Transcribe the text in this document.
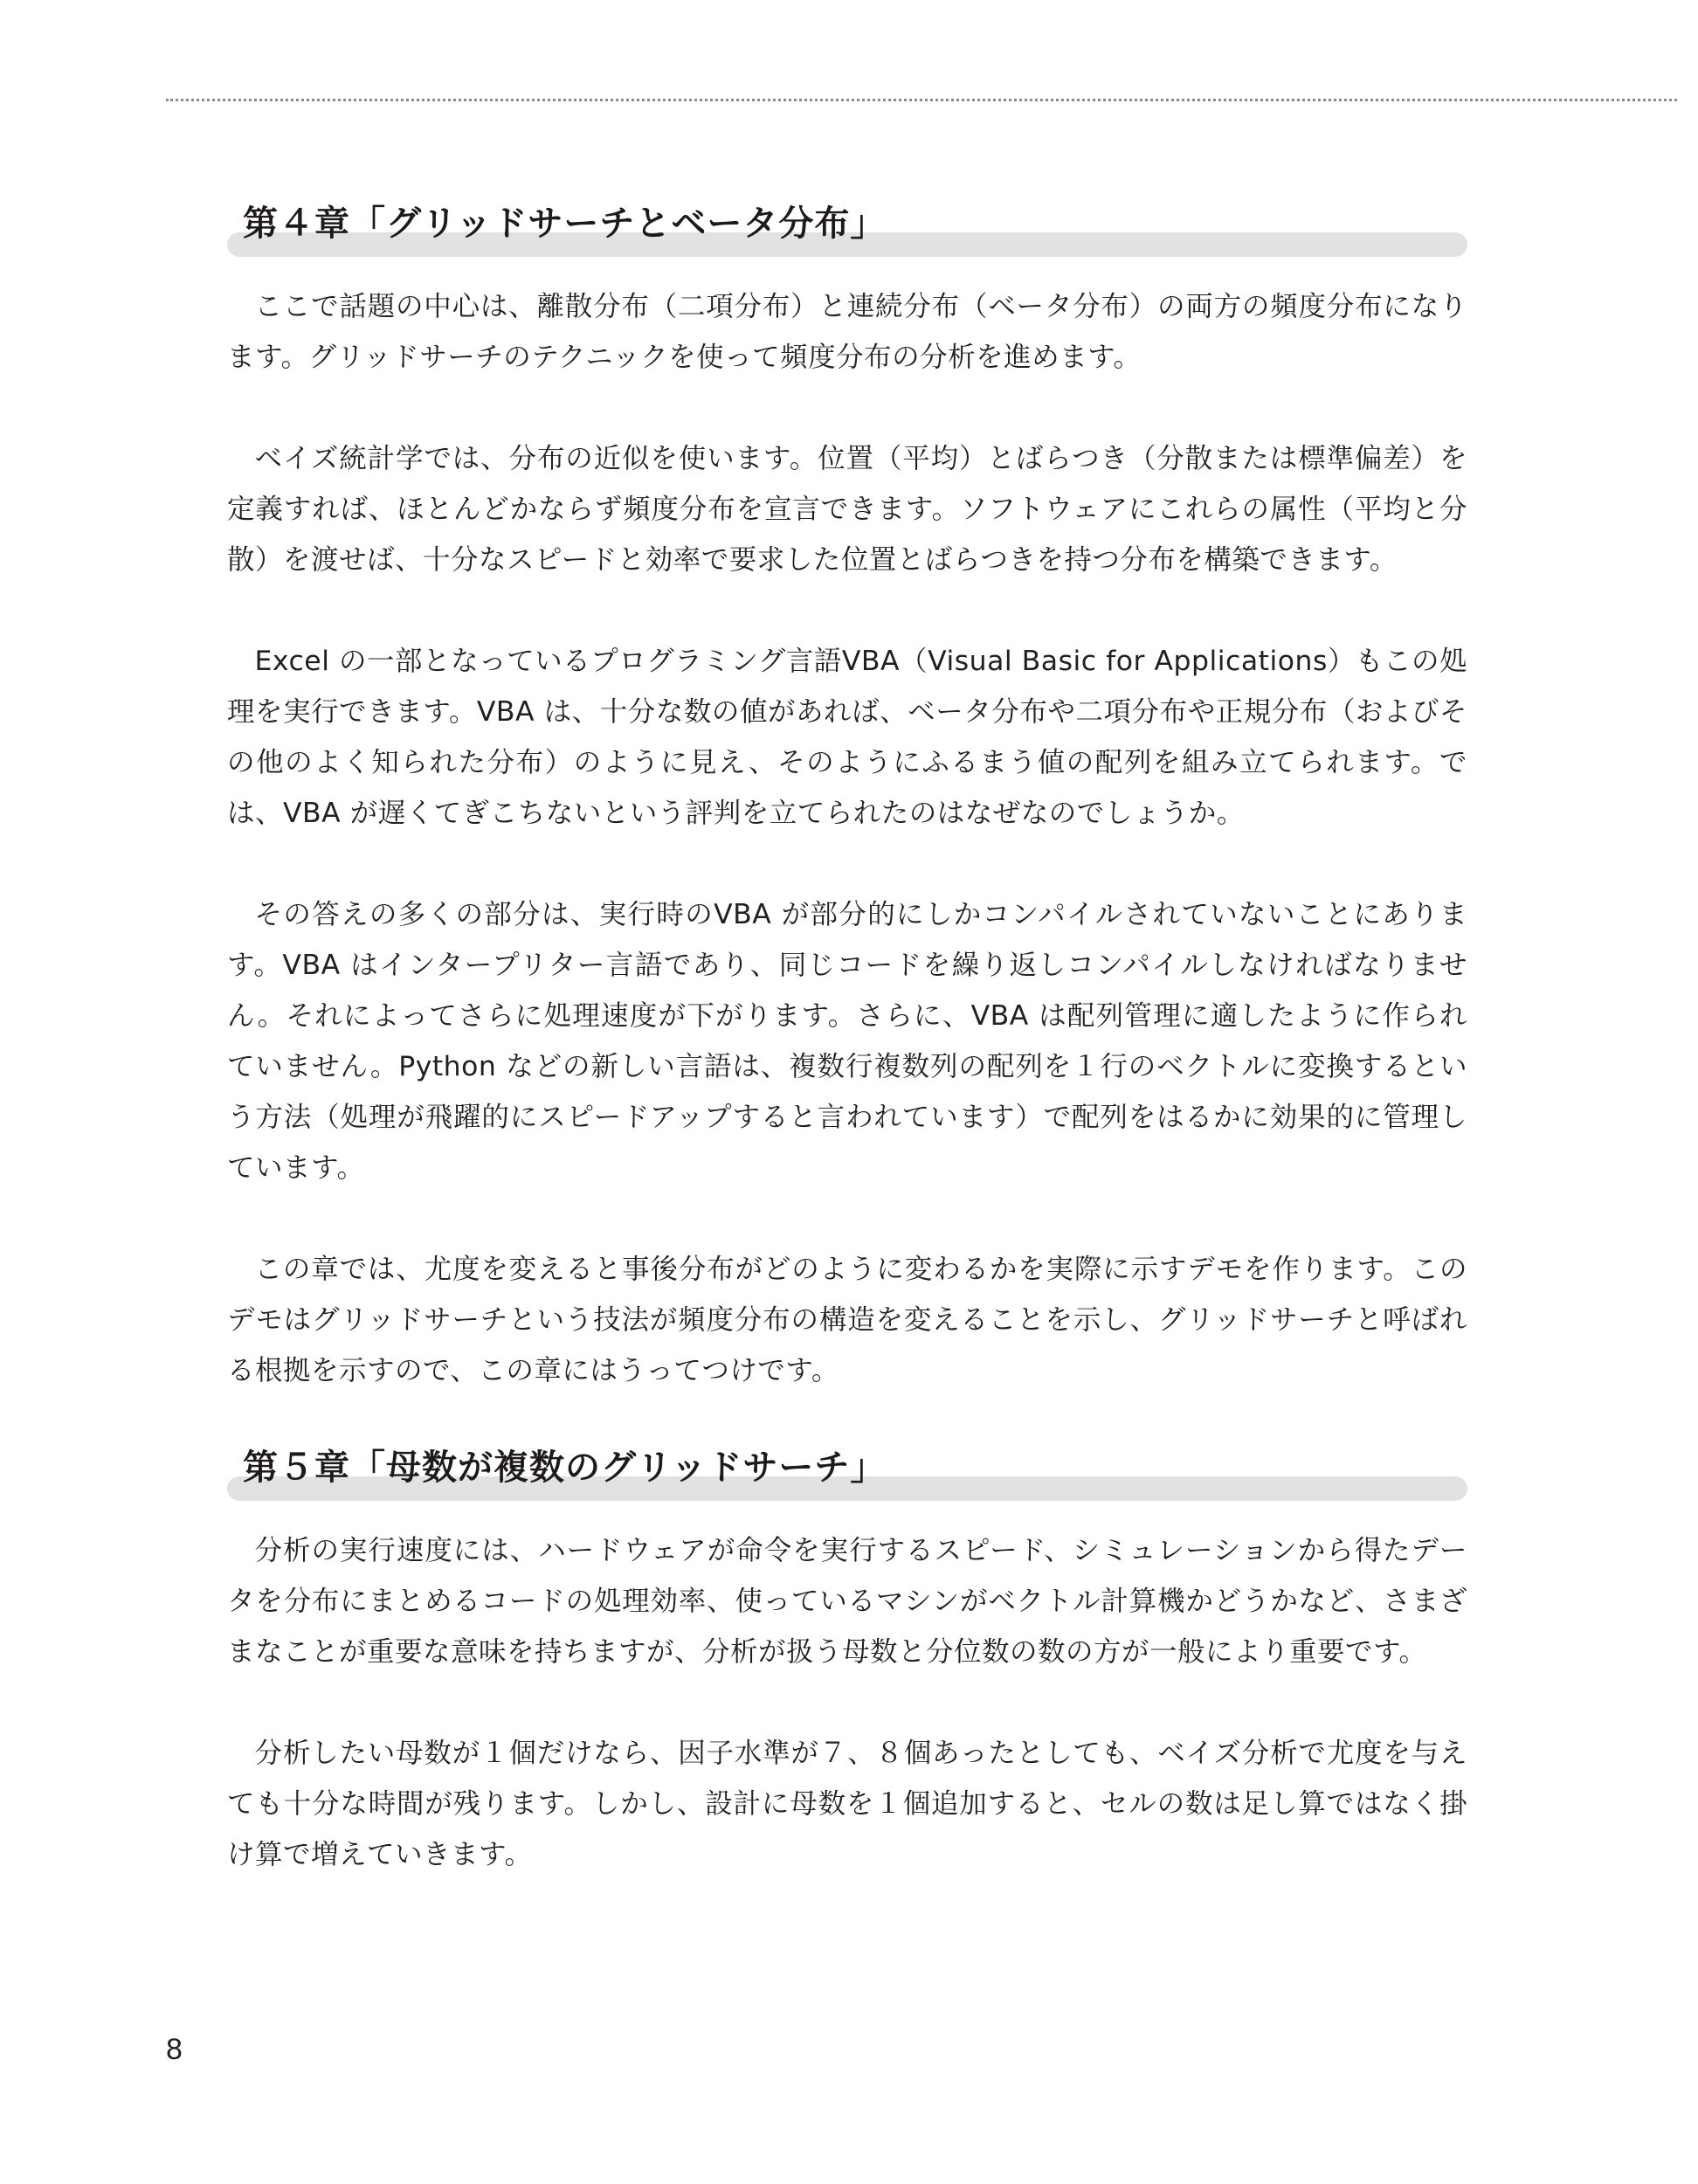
第４章「グリッドサーチとベータ分布」

ここで話題の中心は、離散分布（二項分布）と連続分布（ベータ分布）の両方の頻度分布になります。グリッドサーチのテクニックを使って頻度分布の分析を進めます。

ベイズ統計学では、分布の近似を使います。位置（平均）とばらつき（分散または標準偏差）を定義すれば、ほとんどかならず頻度分布を宣言できます。ソフトウェアにこれらの属性（平均と分散）を渡せば、十分なスピードと効率で要求した位置とばらつきを持つ分布を構築できます。

Excel の一部となっているプログラミング言語VBA（Visual Basic for Applications）もこの処理を実行できます。VBA は、十分な数の値があれば、ベータ分布や二項分布や正規分布（およびその他のよく知られた分布）のように見え、そのようにふるまう値の配列を組み立てられます。では、VBA が遅くてぎこちないという評判を立てられたのはなぜなのでしょうか。

その答えの多くの部分は、実行時のVBA が部分的にしかコンパイルされていないことにあります。VBA はインタープリター言語であり、同じコードを繰り返しコンパイルしなければなりません。それによってさらに処理速度が下がります。さらに、VBA は配列管理に適したように作られていません。Python などの新しい言語は、複数行複数列の配列を１行のベクトルに変換するという方法（処理が飛躍的にスピードアップすると言われています）で配列をはるかに効果的に管理しています。

この章では、尤度を変えると事後分布がどのように変わるかを実際に示すデモを作ります。このデモはグリッドサーチという技法が頻度分布の構造を変えることを示し、グリッドサーチと呼ばれる根拠を示すので、この章にはうってつけです。

第５章「母数が複数のグリッドサーチ」

分析の実行速度には、ハードウェアが命令を実行するスピード、シミュレーションから得たデータを分布にまとめるコードの処理効率、使っているマシンがベクトル計算機かどうかなど、さまざまなことが重要な意味を持ちますが、分析が扱う母数と分位数の数の方が一般により重要です。

分析したい母数が１個だけなら、因子水準が７、８個あったとしても、ベイズ分析で尤度を与えても十分な時間が残ります。しかし、設計に母数を１個追加すると、セルの数は足し算ではなく掛け算で増えていきます。

8
